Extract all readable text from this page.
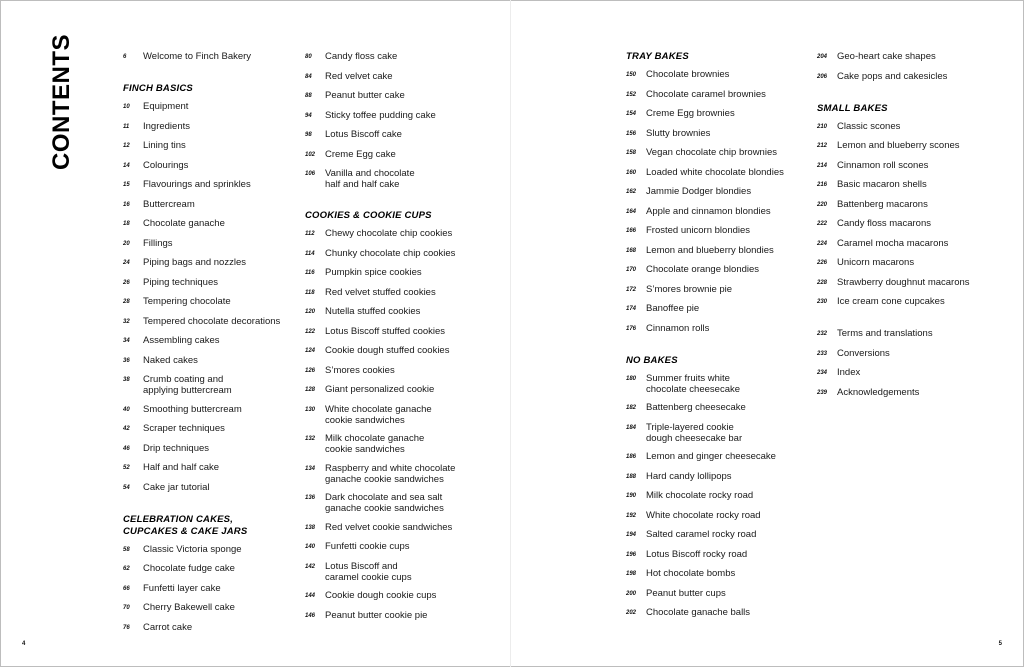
CONTENTS	6	Welcome to Finch Bakery
FINCH BASICS
10	Equipment
11	Ingredients
12	Lining tins
14	Colourings
15	Flavourings and sprinkles
16	Buttercream
18	Chocolate ganache
20	Fillings
24	Piping bags and nozzles
26	Piping techniques
28	Tempering chocolate
32	Tempered chocolate decorations
34	Assembling cakes
36	Naked cakes
38	Crumb coating and
applying buttercream
40	Smoothing buttercream
42	Scraper techniques
46	Drip techniques
52	Half and half cake
54	Cake jar tutorial
CELEBRATION CAKES,
CUPCAKES & CAKE JARS
58	Classic Victoria sponge
62	Chocolate fudge cake
66	Funfetti layer cake
70	Cherry Bakewell cake
76	Carrot cake
80	Candy floss cake
84	Red velvet cake
88	Peanut butter cake
94	Sticky toffee pudding cake
98	Lotus Biscoff cake
102	Creme Egg cake
106	Vanilla and chocolate
half and half cake
COOKIES & COOKIE CUPS
112	Chewy chocolate chip cookies
114	Chunky chocolate chip cookies
116	Pumpkin spice cookies
118	Red velvet stuffed cookies
120	Nutella stuffed cookies
122	Lotus Biscoff stuffed cookies
124	Cookie dough stuffed cookies
126	S’mores cookies
128	Giant personalized cookie
130	White chocolate ganache
cookie sandwiches
132	Milk chocolate ganache
cookie sandwiches
134	Raspberry and white chocolate
ganache cookie sandwiches
136	Dark chocolate and sea salt
ganache cookie sandwiches
138	Red velvet cookie sandwiches
140	Funfetti cookie cups
142	Lotus Biscoff and
caramel cookie cups
144	Cookie dough cookie cups
146	Peanut butter cookie pie
TRAY BAKES
150	Chocolate brownies
152	Chocolate caramel brownies
154	Creme Egg brownies
156	Slutty brownies
158	Vegan chocolate chip brownies
160	Loaded white chocolate blondies
162	Jammie Dodger blondies
164	Apple and cinnamon blondies
166	Frosted unicorn blondies
168	Lemon and blueberry blondies
170	Chocolate orange blondies
172	S’mores brownie pie
174	Banoffee pie
176	Cinnamon rolls
NO BAKES
180	Summer fruits white
chocolate cheesecake
182	Battenberg cheesecake
184	Triple-layered cookie
dough cheesecake bar
186	Lemon and ginger cheesecake
188	Hard candy lollipops
190	Milk chocolate rocky road
192	White chocolate rocky road
194	Salted caramel rocky road
196	Lotus Biscoff rocky road
198	Hot chocolate bombs
200	Peanut butter cups
202	Chocolate ganache balls
204	Geo-heart cake shapes
206	Cake pops and cakesicles
SMALL BAKES
210	Classic scones
212	Lemon and blueberry scones
214	Cinnamon roll scones
216	Basic macaron shells
220	Battenberg macarons
222	Candy floss macarons
224	Caramel mocha macarons
226	Unicorn macarons
228	Strawberry doughnut macarons
230	Ice cream cone cupcakes
232	Terms and translations
233	Conversions
234	Index
239	Acknowledgements
4	5
